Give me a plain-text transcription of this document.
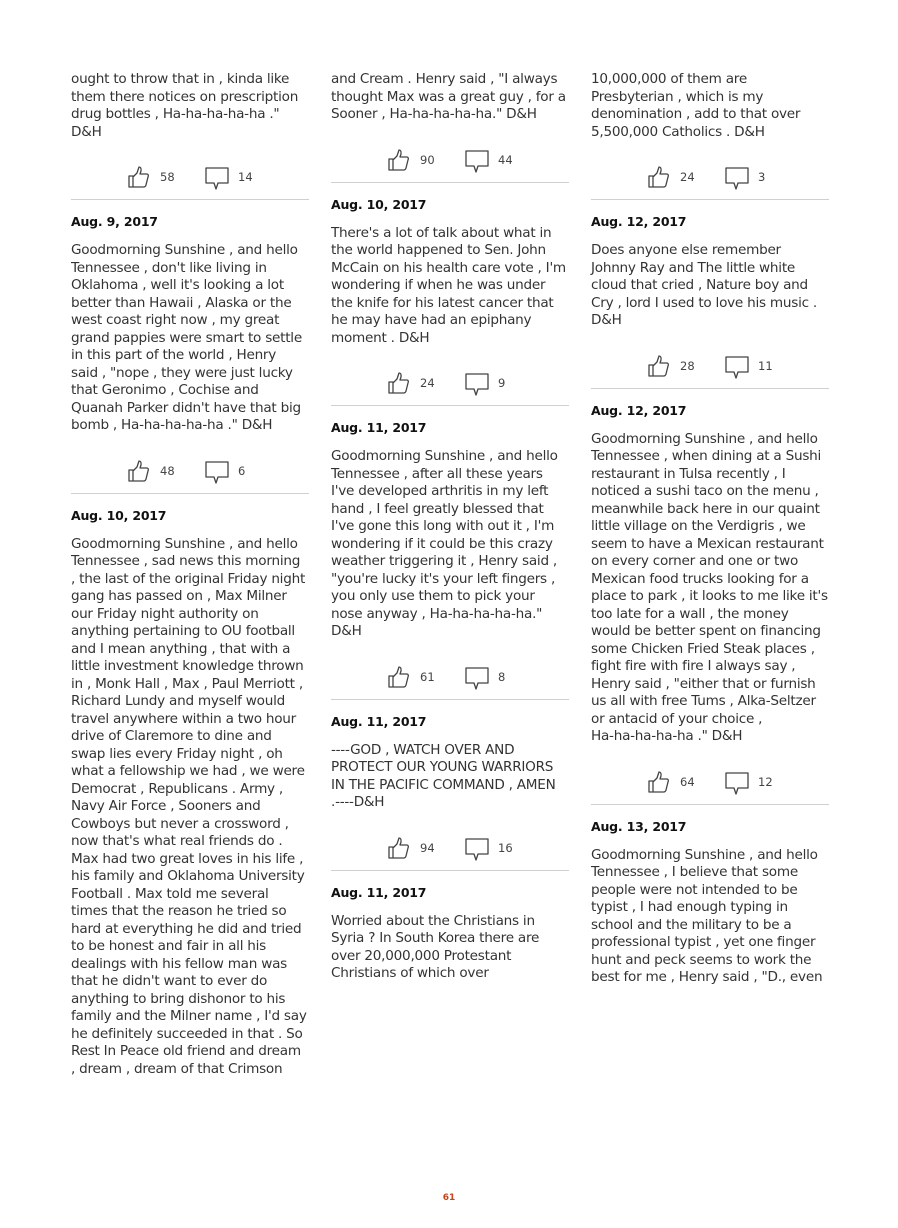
ought to throw that in , kinda like
them there notices on prescription
drug bottles , Ha-ha-ha-ha-ha ."
D&H

58	14
Aug. 9, 2017

Goodmorning Sunshine , and hello
Tennessee , don't like living in
Oklahoma , well it's looking a lot
better than Hawaii , Alaska or the
west coast right now , my great
grand pappies were smart to settle
in this part of the world , Henry
said , "nope , they were just lucky
that Geronimo , Cochise and
Quanah Parker didn't have that big
bomb , Ha-ha-ha-ha-ha ." D&H

48	6
Aug. 10, 2017

Goodmorning Sunshine , and hello
Tennessee , sad news this morning
, the last of the original Friday night
gang has passed on , Max Milner
our Friday night authority on
anything pertaining to OU football
and I mean anything , that with a
little investment knowledge thrown
in , Monk Hall , Max , Paul Merriott ,
Richard Lundy and myself would
travel anywhere within a two hour
drive of Claremore to dine and
swap lies every Friday night , oh
what a fellowship we had , we were
Democrat , Republicans . Army ,
Navy Air Force , Sooners and
Cowboys but never a crossword ,
now that's what real friends do .
Max had two great loves in his life ,
his family and Oklahoma University
Football . Max told me several
times that the reason he tried so
hard at everything he did and tried
to be honest and fair in all his
dealings with his fellow man was
that he didn't want to ever do
anything to bring dishonor to his
family and the Milner name , I'd say
he definitely succeeded in that . So
Rest In Peace old friend and dream
, dream , dream of that Crimson

and Cream . Henry said , "I always
thought Max was a great guy , for a
Sooner , Ha-ha-ha-ha-ha." D&H

90	44
Aug. 10, 2017

There's a lot of talk about what in
the world happened to Sen. John
McCain on his health care vote , I'm
wondering if when he was under
the knife for his latest cancer that
he may have had an epiphany
moment . D&H

24	9
Aug. 11, 2017

Goodmorning Sunshine , and hello
Tennessee , after all these years
I've developed arthritis in my left
hand , I feel greatly blessed that
I've gone this long with out it , I'm
wondering if it could be this crazy
weather triggering it , Henry said ,
"you're lucky it's your left fingers ,
you only use them to pick your
nose anyway , Ha-ha-ha-ha-ha."
D&H

61	8
Aug. 11, 2017

----GOD , WATCH OVER AND
PROTECT OUR YOUNG WARRIORS
IN THE PACIFIC COMMAND , AMEN
.----D&H

94	16
Aug. 11, 2017

Worried about the Christians in
Syria ? In South Korea there are
over 20,000,000 Protestant
Christians of which over

10,000,000 of them are
Presbyterian , which is my
denomination , add to that over
5,500,000 Catholics . D&H

24	3
Aug. 12, 2017

Does anyone else remember
Johnny Ray and The little white
cloud that cried , Nature boy and
Cry , lord I used to love his music .
D&H

28	11
Aug. 12, 2017

Goodmorning Sunshine , and hello
Tennessee , when dining at a Sushi
restaurant in Tulsa recently , I
noticed a sushi taco on the menu ,
meanwhile back here in our quaint
little village on the Verdigris , we
seem to have a Mexican restaurant
on every corner and one or two
Mexican food trucks looking for a
place to park , it looks to me like it's
too late for a wall , the money
would be better spent on financing
some Chicken Fried Steak places ,
fight fire with fire I always say ,
Henry said , "either that or furnish
us all with free Tums , Alka-Seltzer
or antacid of your choice ,
Ha-ha-ha-ha-ha ." D&H

64	12
Aug. 13, 2017

Goodmorning Sunshine , and hello
Tennessee , I believe that some
people were not intended to be
typist , I had enough typing in
school and the military to be a
professional typist , yet one finger
hunt and peck seems to work the
best for me , Henry said , "D., even

61
